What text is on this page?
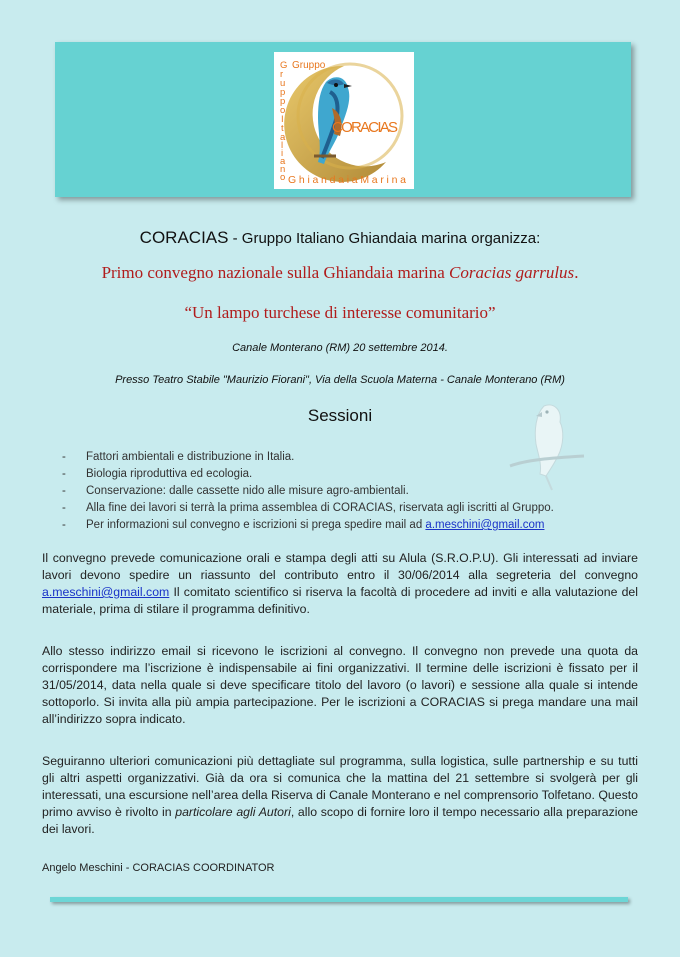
G
r
u
p
p
o
I
t
a
l
i
a
n
o
Gruppo
CORACIAS
GhiandaiaMarina
CORACIAS - Gruppo Italiano Ghiandaia marina organizza:
Primo convegno nazionale sulla Ghiandaia marina Coracias garrulus.
“Un lampo turchese di interesse comunitario”
Canale Monterano (RM) 20 settembre 2014.
Presso Teatro Stabile "Maurizio Fiorani", Via della Scuola Materna - Canale Monterano (RM)
Sessioni
- Fattori ambientali e distribuzione in Italia.
- Biologia riproduttiva ed ecologia.
- Conservazione: dalle cassette nido alle misure agro-ambientali.
- Alla fine dei lavori si terrà la prima assemblea di CORACIAS, riservata agli iscritti al Gruppo.
- Per informazioni sul convegno e iscrizioni si prega spedire mail ad a.meschini@gmail.com

Il convegno prevede comunicazione orali e stampa degli atti su Alula (S.R.O.P.U). Gli interessati ad inviare lavori devono spedire un riassunto del contributo entro il 30/06/2014 alla segreteria del convegno a.meschini@gmail.com Il comitato scientifico si riserva la facoltà di procedere ad inviti e alla valutazione del materiale, prima di stilare il programma definitivo.

Allo stesso indirizzo email si ricevono le iscrizioni al convegno. Il convegno non prevede una quota da corrispondere ma l’iscrizione è indispensabile ai fini organizzativi. Il termine delle iscrizioni è fissato per il 31/05/2014, data nella quale si deve specificare titolo del lavoro (o lavori) e sessione alla quale si intende sottoporlo. Si invita alla più ampia partecipazione. Per le iscrizioni a CORACIAS si prega mandare una mail all’indirizzo sopra indicato.

Seguiranno ulteriori comunicazioni più dettagliate sul programma, sulla logistica, sulle partnership e su tutti gli altri aspetti organizzativi. Già da ora si comunica che la mattina del 21 settembre si svolgerà per gli interessati, una escursione nell’area della Riserva di Canale Monterano e nel comprensorio Tolfetano. Questo primo avviso è rivolto in particolare agli Autori, allo scopo di fornire loro il tempo necessario alla preparazione dei lavori.

Angelo Meschini - CORACIAS COORDINATOR
